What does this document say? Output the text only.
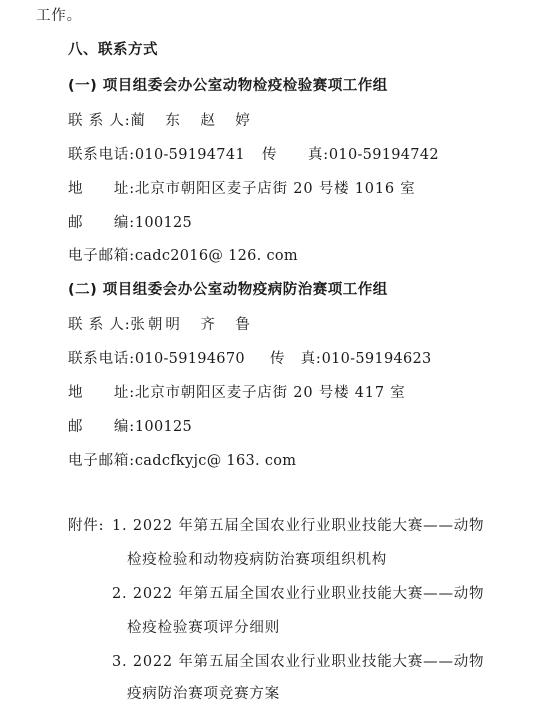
工作。
八、联系方式
(一) 项目组委会办公室动物检疫检验赛项工作组
联 系 人:蔺　东　赵　婷
联系电话:010-59194741 传　　真:010-59194742
地　　址:北京市朝阳区麦子店街 20 号楼 1016 室
邮　　编:100125
电子邮箱:cadc2016@ 126. com
(二) 项目组委会办公室动物疫病防治赛项工作组
联 系 人:张朝明　齐　鲁
联系电话:010-59194670 传　真:010-59194623
地　　址:北京市朝阳区麦子店街 20 号楼 417 室
邮　　编:100125
电子邮箱:cadcfkyjc@ 163. com
附件: 1. 2022 年第五届全国农业行业职业技能大赛——动物
检疫检验和动物疫病防治赛项组织机构
2. 2022 年第五届全国农业行业职业技能大赛——动物
检疫检验赛项评分细则
3. 2022 年第五届全国农业行业职业技能大赛——动物
疫病防治赛项竞赛方案
